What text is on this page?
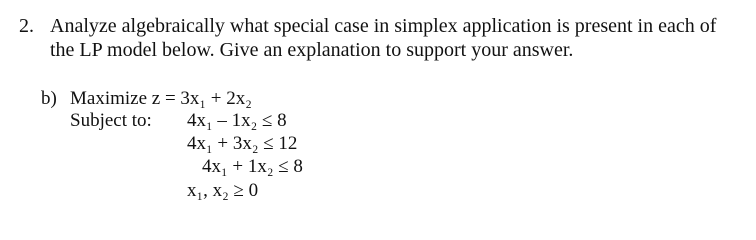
2. Analyze algebraically what special case in simplex application is present in each of
the LP model below. Give an explanation to support your answer.
b) Maximize z = 3x₁ + 2x₂
Subject to: 4x₁ – 1x₂ ≤ 8
4x₁ + 3x₂ ≤ 12
4x₁ + 1x₂ ≤ 8
x₁, x₂ ≥ 0
